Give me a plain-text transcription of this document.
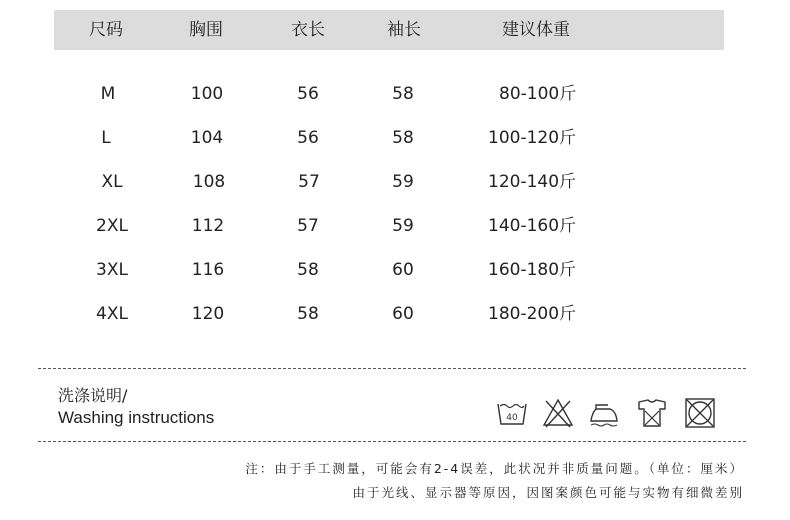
尺码	胸围	衣长	袖长	建议体重
M	100	56	58	80-100斤
L	104	56	58	100-120斤
XL	108	57	59	120-140斤
2XL	112	57	59	140-160斤
3XL	116	58	60	160-180斤
4XL	120	58	60	180-200斤
洗涤说明/
Washing instructions	40
注：由于手工测量，可能会有2-4误差，此状况并非质量问题。（单位：厘米）
由于光线、显示器等原因，因图案颜色可能与实物有细微差别
